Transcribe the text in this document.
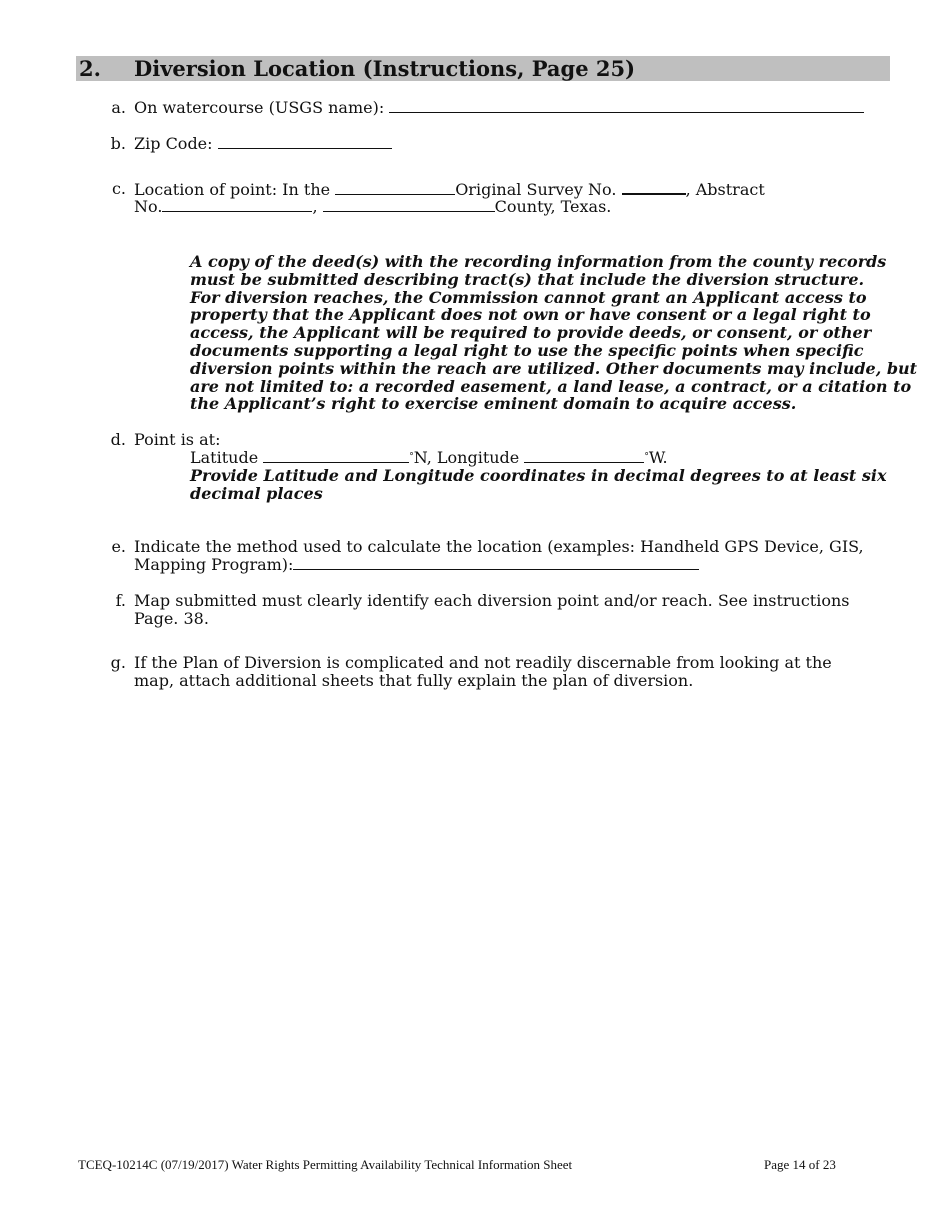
2. Diversion Location (Instructions, Page 25)
a. On watercourse (USGS name):
b. Zip Code:
c. Location of point: In the	Original Survey No.	, Abstract
No.	,	County, Texas.
A copy of the deed(s) with the recording information from the county records
must be submitted describing tract(s) that include the diversion structure.
For diversion reaches, the Commission cannot grant an Applicant access to
property that the Applicant does not own or have consent or a legal right to
access, the Applicant will be required to provide deeds, or consent, or other
documents supporting a legal right to use the specific points when specific
diversion points within the reach are utilized. Other documents may include, but
are not limited to: a recorded easement, a land lease, a contract, or a citation to
the Applicant’s right to exercise eminent domain to acquire access.
d. Point is at:
Latitude	°N, Longitude	°W.
Provide Latitude and Longitude coordinates in decimal degrees to at least six
decimal places
e. Indicate the method used to calculate the location (examples: Handheld GPS Device, GIS,
Mapping Program):
f. Map submitted must clearly identify each diversion point and/or reach. See instructions
Page. 38.
g. If the Plan of Diversion is complicated and not readily discernable from looking at the
map, attach additional sheets that fully explain the plan of diversion.
TCEQ-10214C (07/19/2017) Water Rights Permitting Availability Technical Information Sheet	Page 14 of 23
